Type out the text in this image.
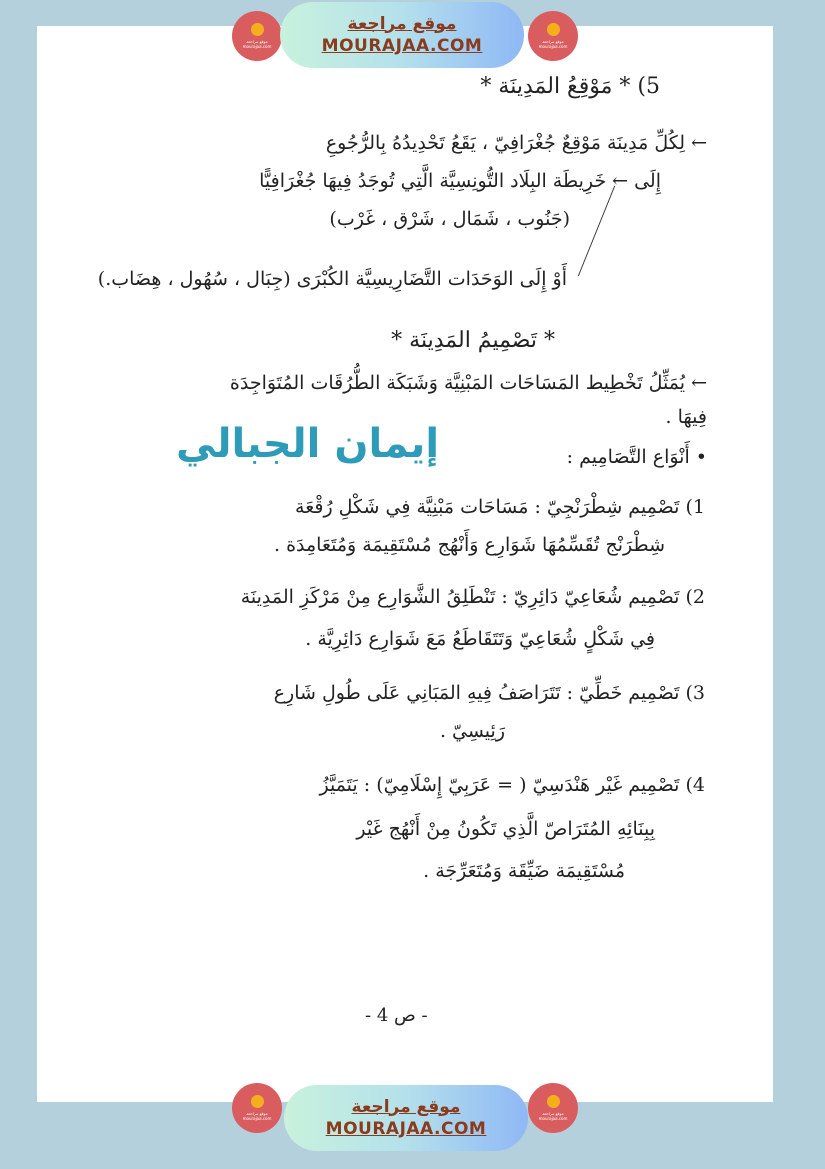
موقع مراجعة mourajaa.com
موقع مراجعة
MOURAJAA.COM	موقع مراجعة mourajaa.com
5) * مَوْقِعُ المَدِينَة *
← لِكُلِّ مَدِينَة مَوْقِعٌ جُغْرَافِيّ ، يَقَعُ تَحْدِيدُهُ بِالرُّجُوعِ
إِلَى ← خَرِيطَة البِلَاد التُّونِسِيَّة الَّتِي تُوجَدُ فِيهَا جُغْرَافِيًّا
(جَنُوب ، شَمَال ، شَرْق ، غَرْب)
أَوْ إِلَى الوَحَدَات التَّضَارِيسِيَّة الكُبْرَى (جِبَال ، سُهُول ، هِضَاب.)
* تَصْمِيمُ المَدِينَة *
← يُمَثِّلُ تَخْطِيط المَسَاحَات المَبْنِيَّة وَشَبَكَة الطُّرُقَات المُتَوَاجِدَة
فِيهَا .
إيمان الجبالي	• أَنْوَاع التَّصَامِيم :
1) تَصْمِيم شِطْرَنْجِيّ : مَسَاحَات مَبْنِيَّة فِي شَكْلِ رُقْعَة
شِطْرَنْج تُقَسِّمُهَا شَوَارِع وَأَنْهُج مُسْتَقِيمَة وَمُتَعَامِدَة .
2) تَصْمِيم شُعَاعِيّ دَائِرِيّ : تَنْطَلِقُ الشَّوَارِع مِنْ مَرْكَزِ المَدِينَة
فِي شَكْلٍ شُعَاعِيّ وَتَتَقَاطَعُ مَعَ شَوَارِع دَائِرِيَّة .
3) تَصْمِيم خَطِّيّ : تَتَرَاصَفُ فِيهِ المَبَانِي عَلَى طُولِ شَارِع
رَئِيسِيّ .
4) تَصْمِيم غَيْر هَنْدَسِيّ ( = عَرَبِيّ إِسْلَامِيّ) : يَتَمَيَّزُ
بِبِنَائِهِ المُتَرَاصّ الَّذِي تَكُونُ مِنْ أَنْهُج غَيْر
مُسْتَقِيمَة ضَيِّقَة وَمُتَعَرِّجَة .
- ص 4 -
موقع مراجعة mourajaa.com
موقع مراجعة
MOURAJAA.COM
موقع مراجعة mourajaa.com
